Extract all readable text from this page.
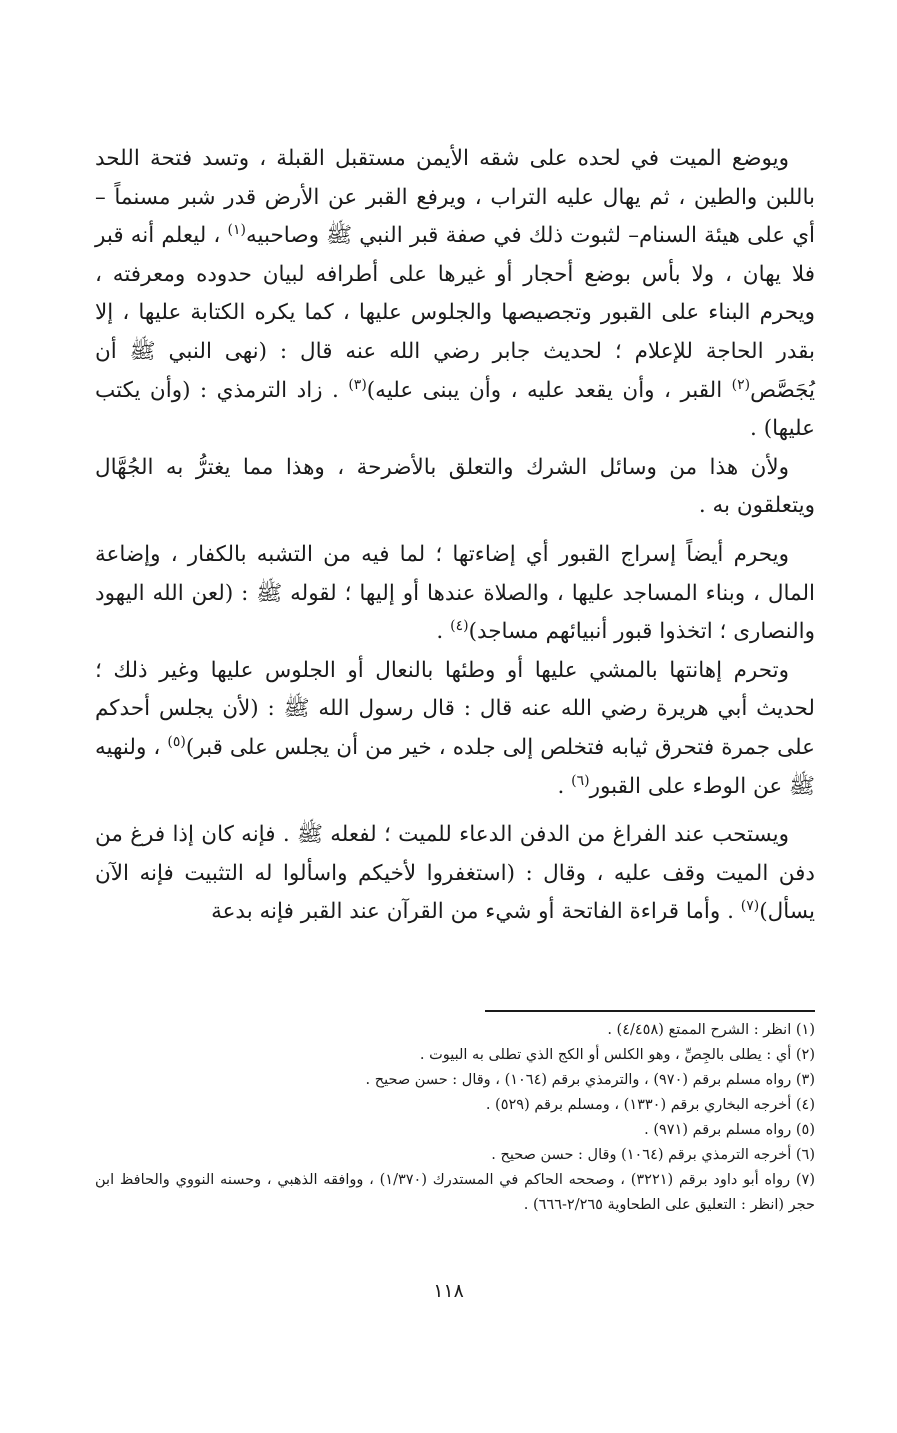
ويوضع الميت في لحده على شقه الأيمن مستقبل القبلة ، وتسد فتحة اللحد باللبن والطين ، ثم يهال عليه التراب ، ويرفع القبر عن الأرض قدر شبر مسنماً – أي على هيئة السنام– لثبوت ذلك في صفة قبر النبي ﷺ وصاحبيه$^{(١)}$ ، ليعلم أنه قبر فلا يهان ، ولا بأس بوضع أحجار أو غيرها على أطرافه لبيان حدوده ومعرفته ، ويحرم البناء على القبور وتجصيصها والجلوس عليها ، كما يكره الكتابة عليها ، إلا بقدر الحاجة للإعلام ؛ لحديث جابر رضي الله عنه قال : (نهى النبي ﷺ أن يُجَصَّص$^{(٢)}$ القبر ، وأن يقعد عليه ، وأن يبنى عليه)$^{(٣)}$ . زاد الترمذي : (وأن يكتب عليها) .

ولأن هذا من وسائل الشرك والتعلق بالأضرحة ، وهذا مما يغترُّ به الجُهَّال ويتعلقون به .

ويحرم أيضاً إسراج القبور أي إضاءتها ؛ لما فيه من التشبه بالكفار ، وإضاعة المال ، وبناء المساجد عليها ، والصلاة عندها أو إليها ؛ لقوله ﷺ : (لعن الله اليهود والنصارى ؛ اتخذوا قبور أنبيائهم مساجد)$^{(٤)}$ .

وتحرم إهانتها بالمشي عليها أو وطئها بالنعال أو الجلوس عليها وغير ذلك ؛ لحديث أبي هريرة رضي الله عنه قال : قال رسول الله ﷺ : (لأن يجلس أحدكم على جمرة فتحرق ثيابه فتخلص إلى جلده ، خير من أن يجلس على قبر)$^{(٥)}$ ، ولنهيه ﷺ عن الوطء على القبور$^{(٦)}$ .

ويستحب عند الفراغ من الدفن الدعاء للميت ؛ لفعله ﷺ . فإنه كان إذا فرغ من دفن الميت وقف عليه ، وقال : (استغفروا لأخيكم واسألوا له التثبيت فإنه الآن يسأل)$^{(٧)}$ . وأما قراءة الفاتحة أو شيء من القرآن عند القبر فإنه بدعة

(١) انظر : الشرح الممتع (٤/٤٥٨) .

(٢) أي : يطلى بالجِصِّ ، وهو الكلس أو الكج الذي تطلى به البيوت .

(٣) رواه مسلم برقم (٩٧٠) ، والترمذي برقم (١٠٦٤) ، وقال : حسن صحيح .

(٤) أخرجه البخاري برقم (١٣٣٠) ، ومسلم برقم (٥٢٩) .

(٥) رواه مسلم برقم (٩٧١) .

(٦) أخرجه الترمذي برقم (١٠٦٤) وقال : حسن صحيح .

(٧) رواه أبو داود برقم (٣٢٢١) ، وصححه الحاكم في المستدرك (١/٣٧٠) ، ووافقه الذهبي ، وحسنه النووي والحافظ ابن حجر (انظر : التعليق على الطحاوية ٢/٢٦٥-٦٦٦) .

١١٨
